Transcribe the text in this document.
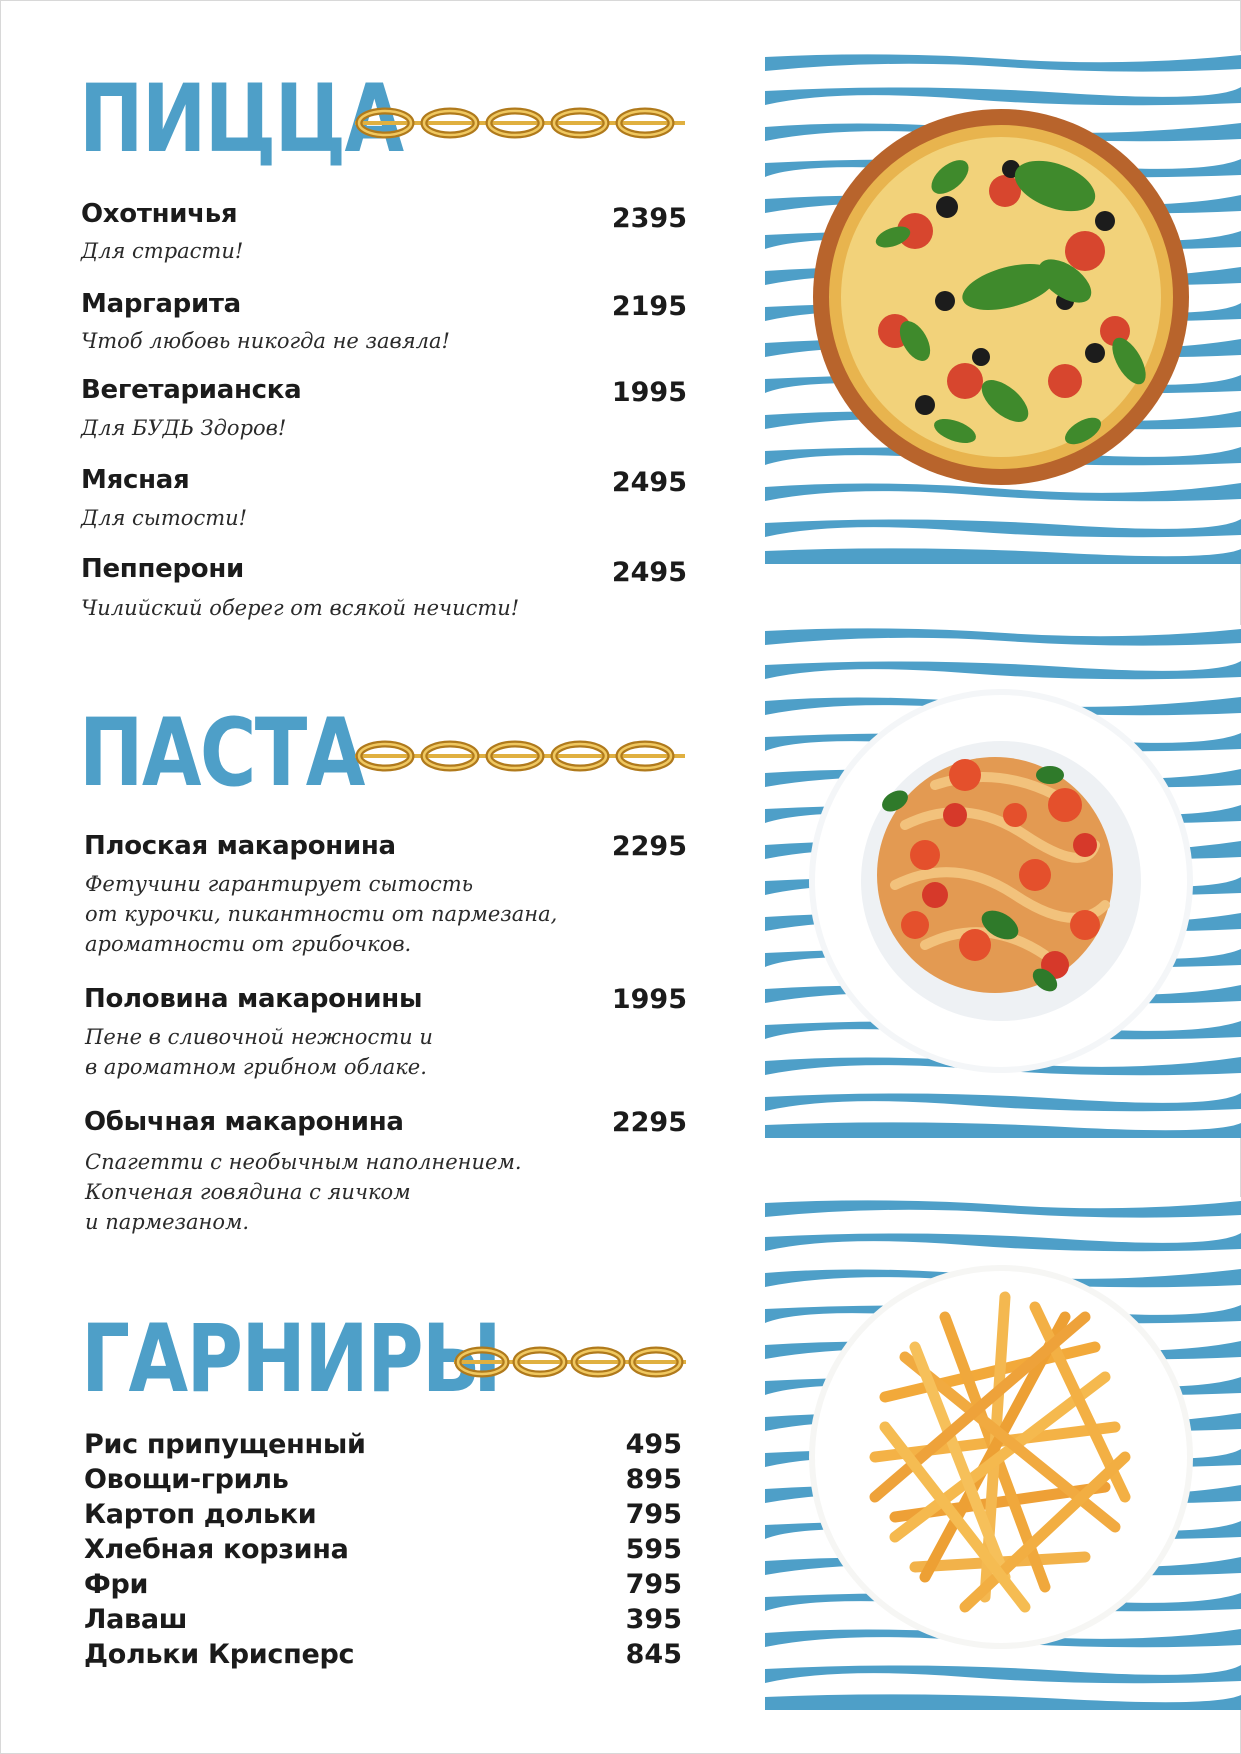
ПИЦЦА
Охотничья	2395
Для страсти!
Маргарита	2195
Чтоб любовь никогда не завяла!
Вегетарианска	1995
Для БУДЬ Здоров!
Мясная	2495
Для сытости!
Пепперони	2495
Чилийский оберег от всякой нечисти!
ПАСТА
Плоская макаронина	2295
Фетучини гарантирует сытость
от курочки, пикантности от пармезана,
ароматности от грибочков.
Половина макаронины	1995
Пене в сливочной нежности и
в ароматном грибном облаке.
Обычная макаронина	2295
Спагетти с необычным наполнением.
Копченая говядина с яичком
и пармезаном.
ГАРНИРЫ
Рис припущенный	495
Овощи-гриль	895
Картоп дольки	795
Хлебная корзина	595
Фри	795
Лаваш	395
Дольки Крисперс	845
